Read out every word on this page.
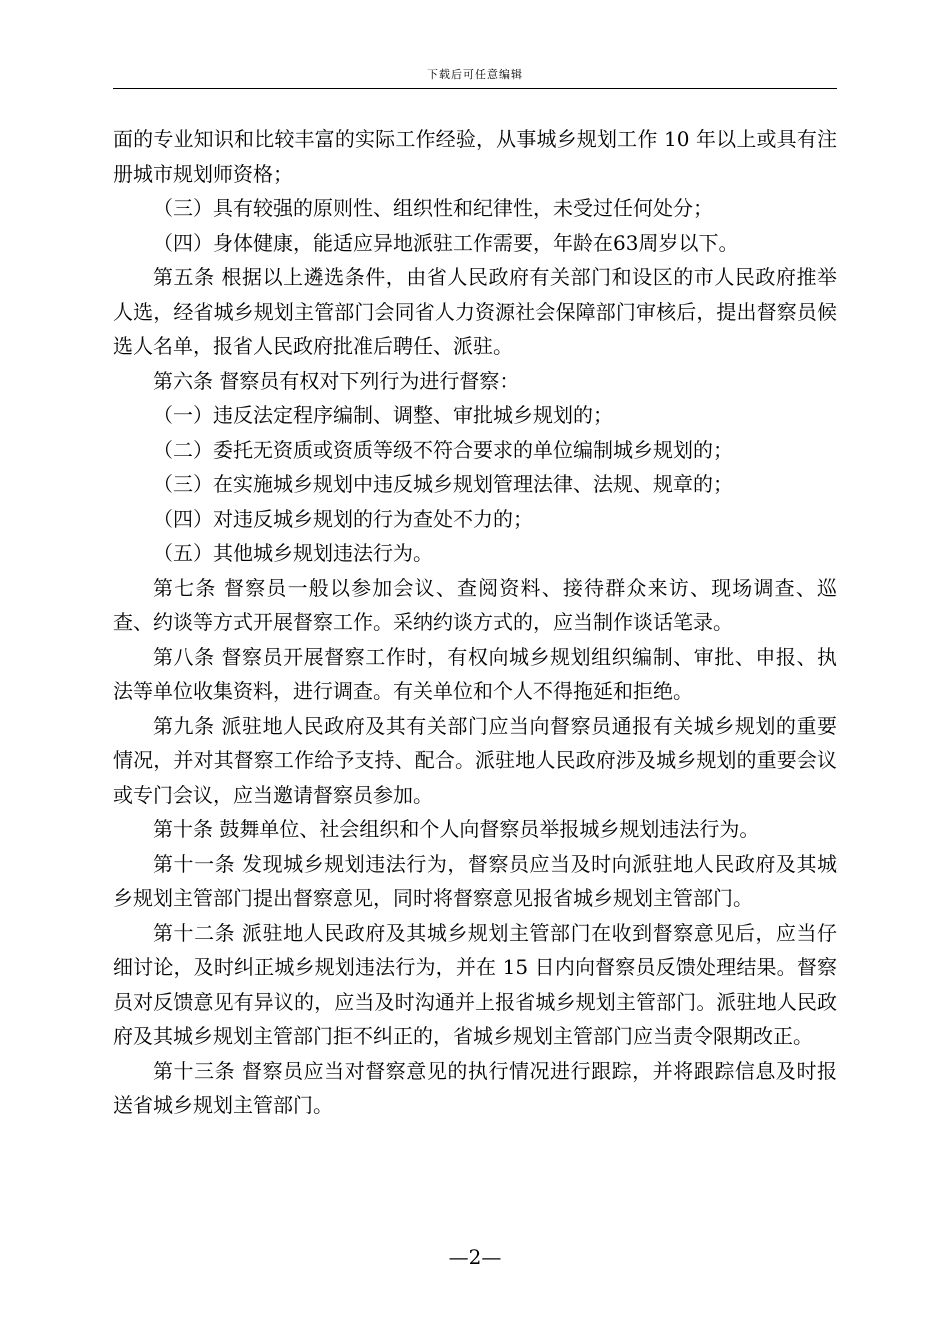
下载后可任意编辑

面的专业知识和比较丰富的实际工作经验，从事城乡规划工作 10 年以上或具有注册城市规划师资格；

（三）具有较强的原则性、组织性和纪律性，未受过任何处分；

（四）身体健康，能适应异地派驻工作需要，年龄在63周岁以下。

第五条 根据以上遴选条件，由省人民政府有关部门和设区的市人民政府推举人选，经省城乡规划主管部门会同省人力资源社会保障部门审核后，提出督察员候选人名单，报省人民政府批准后聘任、派驻。

第六条 督察员有权对下列行为进行督察：

（一）违反法定程序编制、调整、审批城乡规划的；

（二）委托无资质或资质等级不符合要求的单位编制城乡规划的；

（三）在实施城乡规划中违反城乡规划管理法律、法规、规章的；

（四）对违反城乡规划的行为查处不力的；

（五）其他城乡规划违法行为。

第七条 督察员一般以参加会议、查阅资料、接待群众来访、现场调查、巡查、约谈等方式开展督察工作。采纳约谈方式的，应当制作谈话笔录。

第八条 督察员开展督察工作时，有权向城乡规划组织编制、审批、申报、执法等单位收集资料，进行调查。有关单位和个人不得拖延和拒绝。

第九条 派驻地人民政府及其有关部门应当向督察员通报有关城乡规划的重要情况，并对其督察工作给予支持、配合。派驻地人民政府涉及城乡规划的重要会议或专门会议，应当邀请督察员参加。

第十条 鼓舞单位、社会组织和个人向督察员举报城乡规划违法行为。

第十一条 发现城乡规划违法行为，督察员应当及时向派驻地人民政府及其城乡规划主管部门提出督察意见，同时将督察意见报省城乡规划主管部门。

第十二条 派驻地人民政府及其城乡规划主管部门在收到督察意见后，应当仔细讨论，及时纠正城乡规划违法行为，并在 15 日内向督察员反馈处理结果。督察员对反馈意见有异议的，应当及时沟通并上报省城乡规划主管部门。派驻地人民政府及其城乡规划主管部门拒不纠正的，省城乡规划主管部门应当责令限期改正。

第十三条 督察员应当对督察意见的执行情况进行跟踪，并将跟踪信息及时报送省城乡规划主管部门。

—2—
